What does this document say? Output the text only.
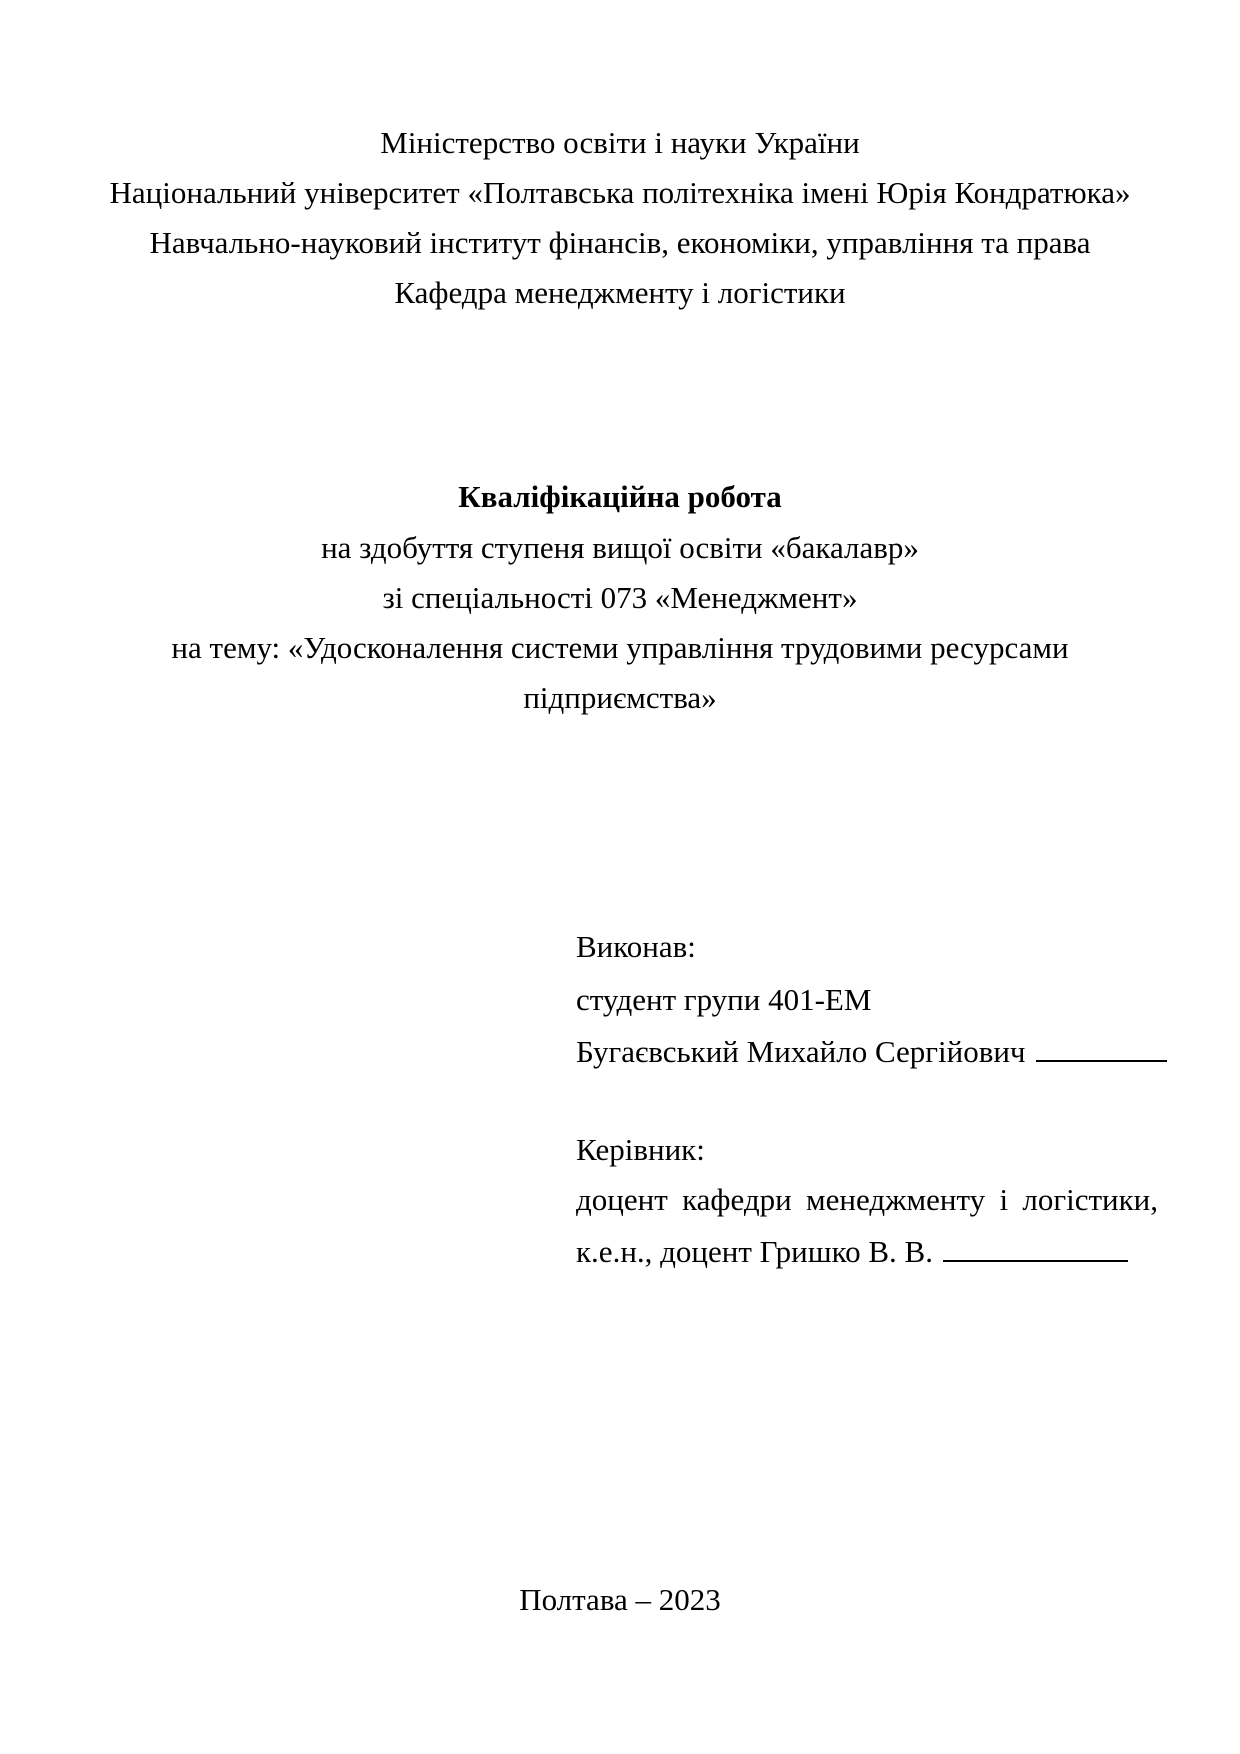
Міністерство освіти і науки України
Національний університет «Полтавська політехніка імені Юрія Кондратюка»
Навчально-науковий інститут фінансів, економіки, управління та права
Кафедра менеджменту і логістики
Кваліфікаційна робота
на здобуття ступеня вищої освіти «бакалавр»
зі спеціальності 073 «Менеджмент»
на тему: «Удосконалення системи управління трудовими ресурсами
підприємства»
Виконав:
студент групи 401-ЕМ
Бугаєвський Михайло Сергійович
Керівник:
доцент кафедри менеджменту і логістики,
к.е.н., доцент Гришко В. В.
Полтава – 2023
